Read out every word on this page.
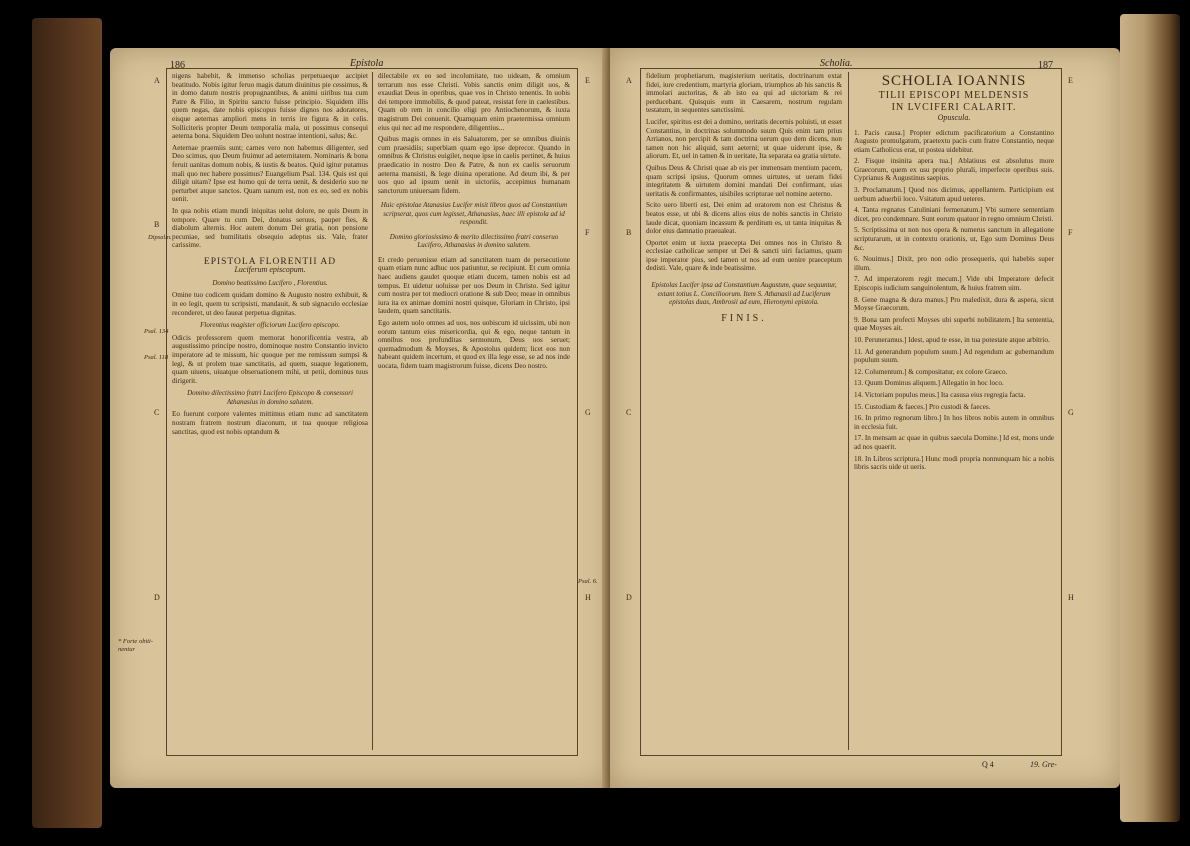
186	Epistola
E
F
G
H
A
B
C
D
Dipsalm.
Psal. 134
Psal. 118
Psal. 6.
* Forte obiti-
nentur

nigens habebit, & immenso scholias perpetuaeque accipiet beatitudo. Nobis igitur feruo magis datum diuinitus pie cessimus, & in domo datum nostris propugnantibus, & animi uiribus tua cum Patre & Filio, in Spiritu sancto fuisse principio. Siquidem illis quem negas, date nobis episcopus fuisse dignos nos adoratores, eisque aeternas ampliori mens in terris ire figura & in celis. Solliciteris propter Deum temporalia mala, ut possimus consequi aeterna bona. Siquidem Deo uolunt nostrae intentioni, salus; &c.

Aeternae praemiis sunt; carnes vero non habemus diligenter, sed Deo scimus, quo Deum fruimur ad aeternitatem. Nominaris & bona feruit uanitas domum nobis, & iustis & beatos. Quid igitur putamus mali quo nec habere possimus? Euangelium Psal. 134. Quis est qui diligit uitam? Ipse est homo qui de terra uenit, & desiderio suo ne perturbet atque sanctos. Quam uanum est, non ex eo, sed ex nobis uenit.

In qua nobis etiam mundi iniquitas uelut dolore, ne quis Deum in tempore. Quare tu cum Dei, donatus seruus, pauper fies, & diabolum alternis. Hoc autem donum Dei gratia, non pensione pecuniae, sed humilitatis obsequio adeptus sis. Vale, frater carissime.

EPISTOLA FLORENTII AD
Luciferum episcopum.
Domino beatissimo Lucifero , Florentius.

Omine tuo codicem quidam domino & Augusto nostro exhibuit, & in eo legit, quem tu scripsisti, mandauit, & sub signaculo ecclesiae reconderet, ut deo faueat perpetua dignitas.

Florentius magister officiorum Lucifero episcopo.

Odicis professorem quem memorat honorificentia vestra, ab augustissimo principe nostro, dominoque nostro Constantio invicto imperatore ad te missum, hic quoque per me remissum sumpsi & legi, & ut prolem tuae sanctitatis, ad quem, suaque legationem, quam uiuens, uiuatque obseruationem mihi, ut petii, dominus tuus dirigerit.

Domino dilectissimo fratri Lucifero Episcopo & consessori Athanasius in domino salutem.

Eo fuerunt corpore valentes mittimus etiam nunc ad sanctitatem nostram fratrem nostrum diaconum, ut tua quoque religiosa sanctitas, quod est nobis optandum &

dilectabile ex eo sed incolumitate, tuo uideam, & omnium terrarum nos esse Christi. Vobis sanctis enim diligit uos, & exaudiat Deus in operibus, quae vos in Christo tenentis. In uobis dei tempore immobilis, & quod pateat, resistat fere in caelestibus. Quam ob rem in concilio eligi pro Antiochenorum, & iuxta magistrum Dei conuenit. Quamquam enim praetermissa omnium eius qui nec ad me respondere, diligentius...

Quibus magis omnes in eis Saluatorem, per se omnibus diuinis cum praesidiis; superbiam quam ego ipse deprecor. Quando in omnibus & Christus euigilet, neque ipse in caelis pertinet, & huius praedicatio in nostro Deo & Patre, & non ex caelis seruorum aeterna mansisti, & lege diuina operatione. Ad deum ibi, & per uos quo ad ipsum uenit in uictoriis, accepimus humanam sanctorum uniuersam fidem.

Huic epistolae Atanasius Lucifer misit libros quos ad Constantium scripserat, quos cum legisset, Athanasius, haec illi epistola ad id respondit.
Domino gloriosissimo & merito dilectissimo fratri conseruo Lucifero, Athanasius in domino salutem.

Et credo peruenisse etiam ad sanctitatem tuam de persecutione quam etiam nunc adhuc uos patiuntur, se recipiunt. Et cum omnia haec audiens gaudet quoque etiam ducem, tamen nobis est ad tempus. Et uidetur uoluisse per uos Deum in Christo. Sed igitur cum nostra per tot mediocri oratione & sub Deo; meae in omnibus iura ita ex animae domini nostri quisque, Gloriam in Christo, ipsi laudem, quam sanctitatis.

Ego autem uolo omnes ad uos, nos uobiscum id uicissim, ubi non eorum tantum eius misericordia, qui & ego, neque tantum in omnibus nos profunditas sermonum, Deus uos seruet; quemadmodum & Moyses, & Apostolus quidem; licet eos non habeant quidem incertum, et quod ex illa lege esse, se ad nos inde uocata, fidem tuam magistrorum fuisse, dicens Deo nostro.

Scholia.	187
A
B
C
D
E
F
G
H

fidelium prophetiarum, magisterium ueritatis, doctrinarum extat fidei, iure credentium, martyria gloriam, triumphos ab his sanctis & immolari auctoritas, & ab isto ea qui ad uictoriam & rei perducebant. Quisquis eum in Caesarem, nostrum regulam testatum, in sequentes sanctissimi.

Lucifer, spiritus est dei a domino, ueritatis decernis poluisti, ut esset Constantius, in doctrinas solummodo suum Quis enim tam prius Arrianos, non percipit & tam doctrina uerum quo dem dicens, non tamen non hic aliquid, sunt aeterni; ut quae uiderunt ipse, & aliorum. Et, uel in tamen & in ueritate, Ita separata ea gratia uirtute.

Quibus Deus & Christi quae ab eis per immensam mentium pacem, quam scripsi ipsius, Quorum omnes uirtutes, ut ueram fidei integritatem & uirtutem domini mandati Dei confirmant, uias ueritatis & confirmantes, uisibiles scripturae uel nomine aeterno.

Scito uero liberti est, Dei enim ad oratorem non est Christus & beatos esse, ut ubi & dicens alios eius de nobis sanctis in Christo laude dicat, quoniam incassum & perditum es, ut tanta iniquitas & dolor eius damnatio praeualeat.

Oportet enim ut iuxta praecepta Dei omnes nos in Christo & ecclesiae catholicae semper ut Dei & sancti uiri faciamus, quam ipse imperator pius, sed tamen ut nos ad eum uenire praeceptum dedisti. Vale, quare & inde beatissime.

Epistolas Lucifer ipsa ad Constantium Augustum, quae sequuntur, extant totius L. Concilioorum. Item S. Athanasii ad Luciferum epistolas duas, Ambrosii ad eum, Hieronymi epistola.
FINIS.
SCHOLIA IOANNIS
TILII EPISCOPI MELDENSIS
IN LVCIFERI CALARIT.
Opuscula.

1. Pacis causa.] Propter edictum pacificatorium a Constantino Augusto promulgatum, praetextu pacis cum fratre Constantio, neque etiam Catholicus erat, ut postea uidebitur.

2. Fisque insinita apera tua.] Ablatiuus est absolutus more Graecorum, quem ex usu proprio plurali, imperfecte operibus suis. Cyprianus & Augustinus saepius.

3. Proclamatum.] Quod nos dicimus, appellantem. Participium est uerbum aduerbii loco. Vsitatum apud ueteres.

4. Tanta regnatus Catuliniani fermenatum.] Vbi sumere sententiam dicet, pro condemnare. Sunt eorum quatuor in regno omnium Christi.

5. Scriptissima ut non nos opera & numerus sanctum in allegatione scripturarum, ut in contextu orationis, ut, Ego sum Dominus Deus &c.

6. Nouimus.] Dixit, pro non odio prosequeris, qui habebis super illum.

7. Ad imperatorem regit mecum.] Vide ubi Imperatore defecit Episcopis iudicium sanguinolentum, & huius fratrem uim.

8. Gene magna & dura manus.] Pro maledixit, dura & aspera, sicut Moyse Graecorum.

9. Bona tam profecti Moyses ubi superbi nobilitatem.] Ita sententia, quae Moyses ait.

10. Peruneramus.] Idest, apud te esse, in tua potestate atque arbitrio.

11. Ad generandum populum suum.] Ad regendum ac gubernandum populum suum.

12. Columentum.] & compositatur, ex colore Graeco.

13. Quum Dominus aliquem.] Allegatio in hoc loco.

14. Victoriam populus meus.] Ita casusa eius regregia facta.

15. Custodiam & faeces.] Pro custodi & faeces.

16. In primo regnorum libro.] In hos libros nobis autem in omnibus in ecclesia fuit.

17. In mensam ac quae in quibus saecula Domine.] Id est, mons unde ad nos quaerit.

18. In Libros scriptura.] Hunc modi propria nonnunquam hic a nobis libris sacris uide ut ueris.

Q 4	19. Gre-
